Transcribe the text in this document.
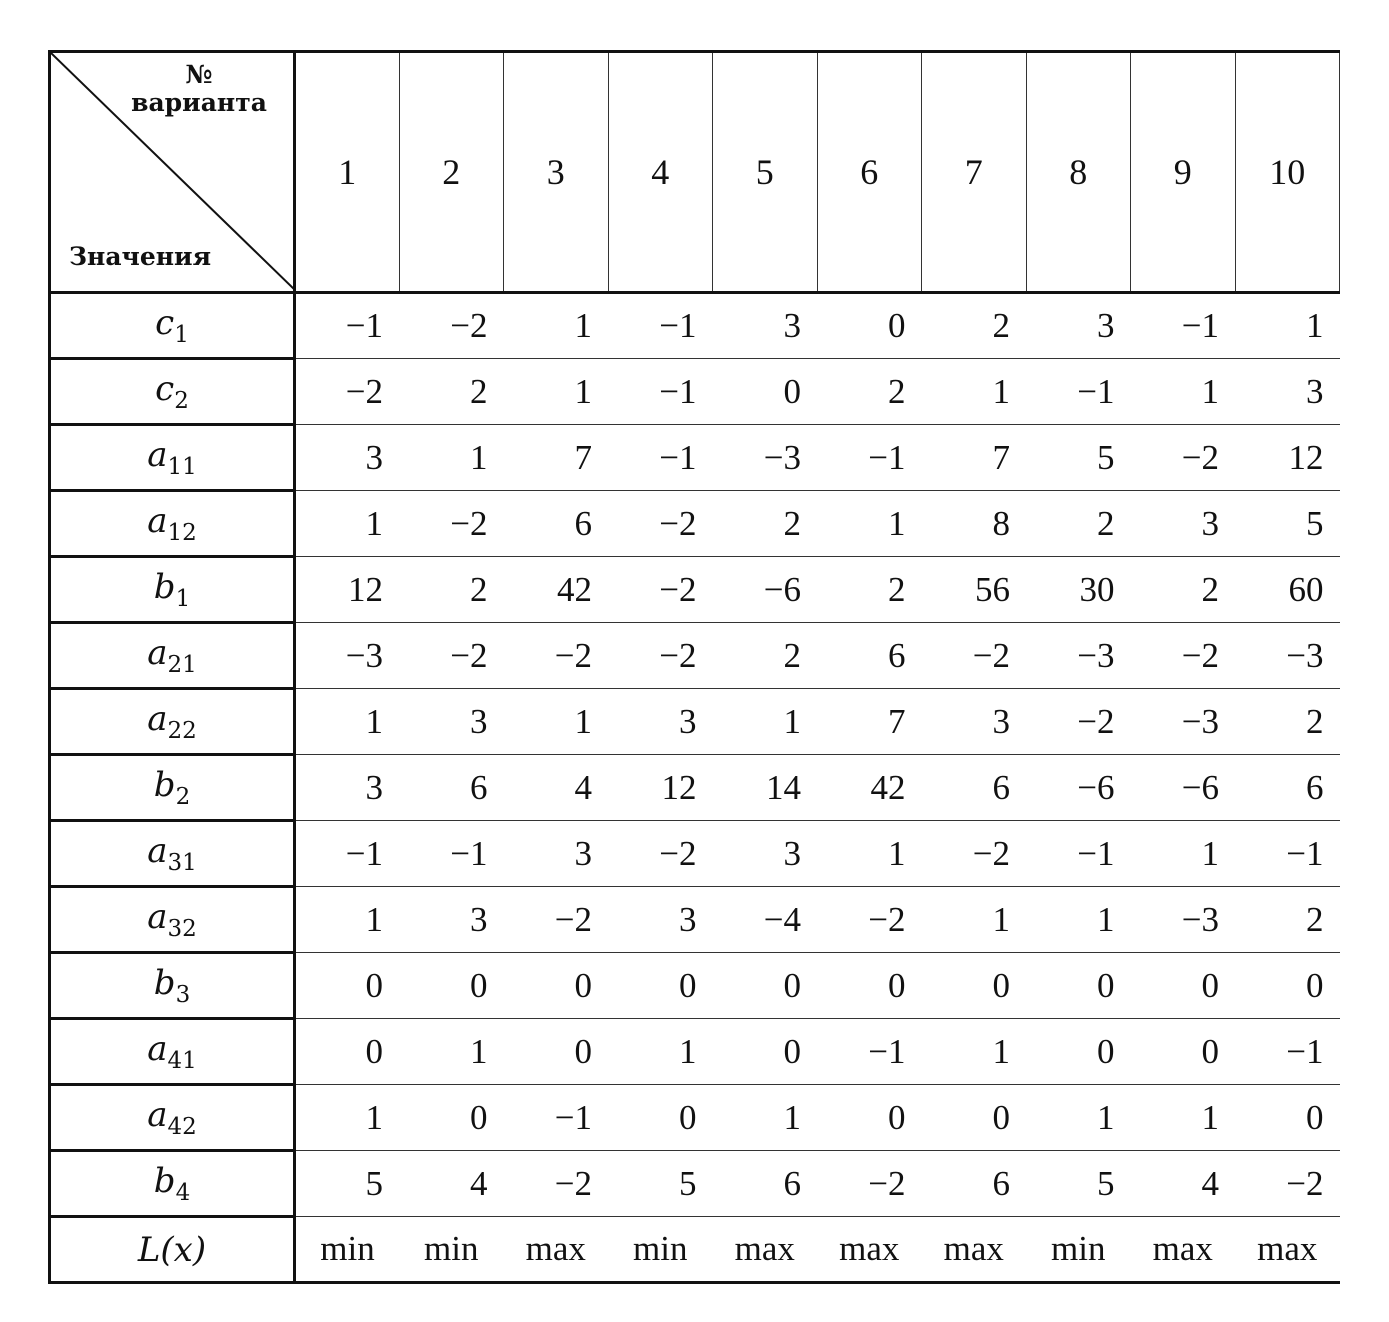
№
варианта
Значения	1	2	3	4	5	6	7	8	9	10
$c_1$	−1	−2	1	−1	3	0	2	3	−1	1
$c_2$	−2	2	1	−1	0	2	1	−1	1	3
$a_{11}$	3	1	7	−1	−3	−1	7	5	−2	12
$a_{12}$	1	−2	6	−2	2	1	8	2	3	5
$b_1$	12	2	42	−2	−6	2	56	30	2	60
$a_{21}$	−3	−2	−2	−2	2	6	−2	−3	−2	−3
$a_{22}$	1	3	1	3	1	7	3	−2	−3	2
$b_2$	3	6	4	12	14	42	6	−6	−6	6
$a_{31}$	−1	−1	3	−2	3	1	−2	−1	1	−1
$a_{32}$	1	3	−2	3	−4	−2	1	1	−3	2
$b_3$	0	0	0	0	0	0	0	0	0	0
$a_{41}$	0	1	0	1	0	−1	1	0	0	−1
$a_{42}$	1	0	−1	0	1	0	0	1	1	0
$b_4$	5	4	−2	5	6	−2	6	5	4	−2
L(x)	min	min	max	min	max	max	max	min	max	max
